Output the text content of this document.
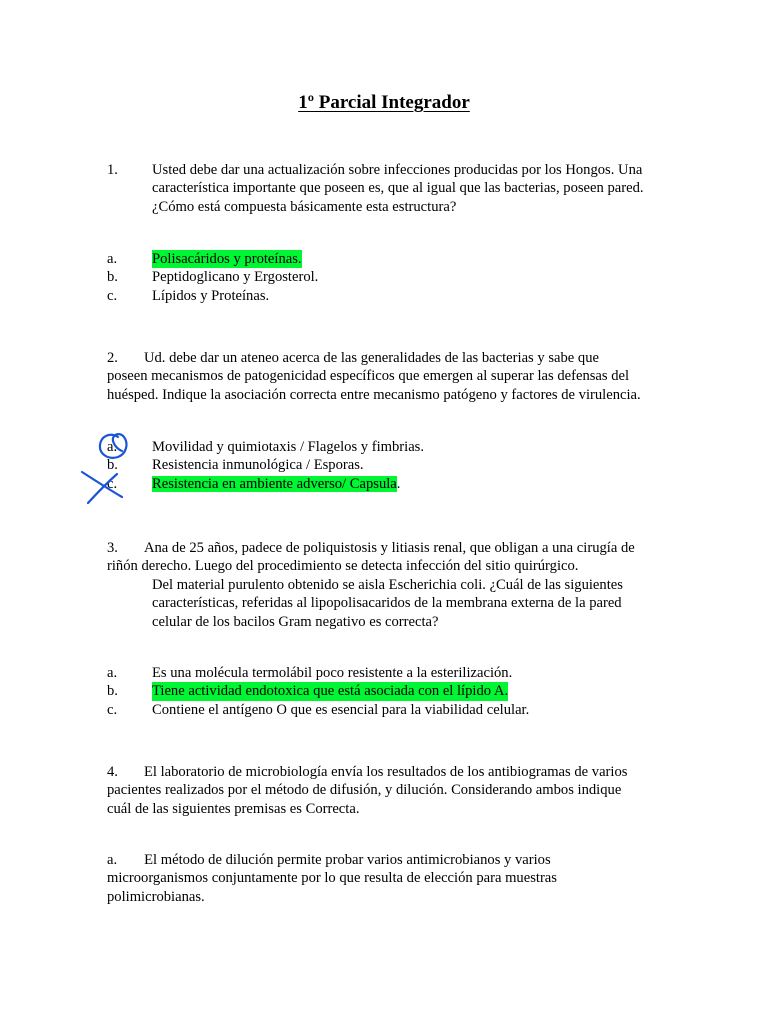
1º Parcial Integrador
1. Usted debe dar una actualización sobre infecciones producidas por los Hongos. Una
característica importante que poseen es, que al igual que las bacterias, poseen pared.
¿Cómo está compuesta básicamente esta estructura?
a. Polisacáridos y proteínas.
b. Peptidoglicano y Ergosterol.
c. Lípidos y Proteínas.
2. Ud. debe dar un ateneo acerca de las generalidades de las bacterias y sabe que
poseen mecanismos de patogenicidad específicos que emergen al superar las defensas del
huésped. Indique la asociación correcta entre mecanismo patógeno y factores de virulencia.
a. Movilidad y quimiotaxis / Flagelos y fimbrias.
b. Resistencia inmunológica / Esporas.
c. Resistencia en ambiente adverso/ Capsula.
3. Ana de 25 años, padece de poliquistosis y litiasis renal, que obligan a una cirugía de
riñón derecho. Luego del procedimiento se detecta infección del sitio quirúrgico.
Del material purulento obtenido se aisla Escherichia coli. ¿Cuál de las siguientes
características, referidas al lipopolisacaridos de la membrana externa de la pared
celular de los bacilos Gram negativo es correcta?
a. Es una molécula termolábil poco resistente a la esterilización.
b. Tiene actividad endotoxica que está asociada con el lípido A.
c. Contiene el antígeno O que es esencial para la viabilidad celular.
4. El laboratorio de microbiología envía los resultados de los antibiogramas de varios
pacientes realizados por el método de difusión, y dilución. Considerando ambos indique
cuál de las siguientes premisas es Correcta.
a. El método de dilución permite probar varios antimicrobianos y varios
microorganismos conjuntamente por lo que resulta de elección para muestras
polimicrobianas.
